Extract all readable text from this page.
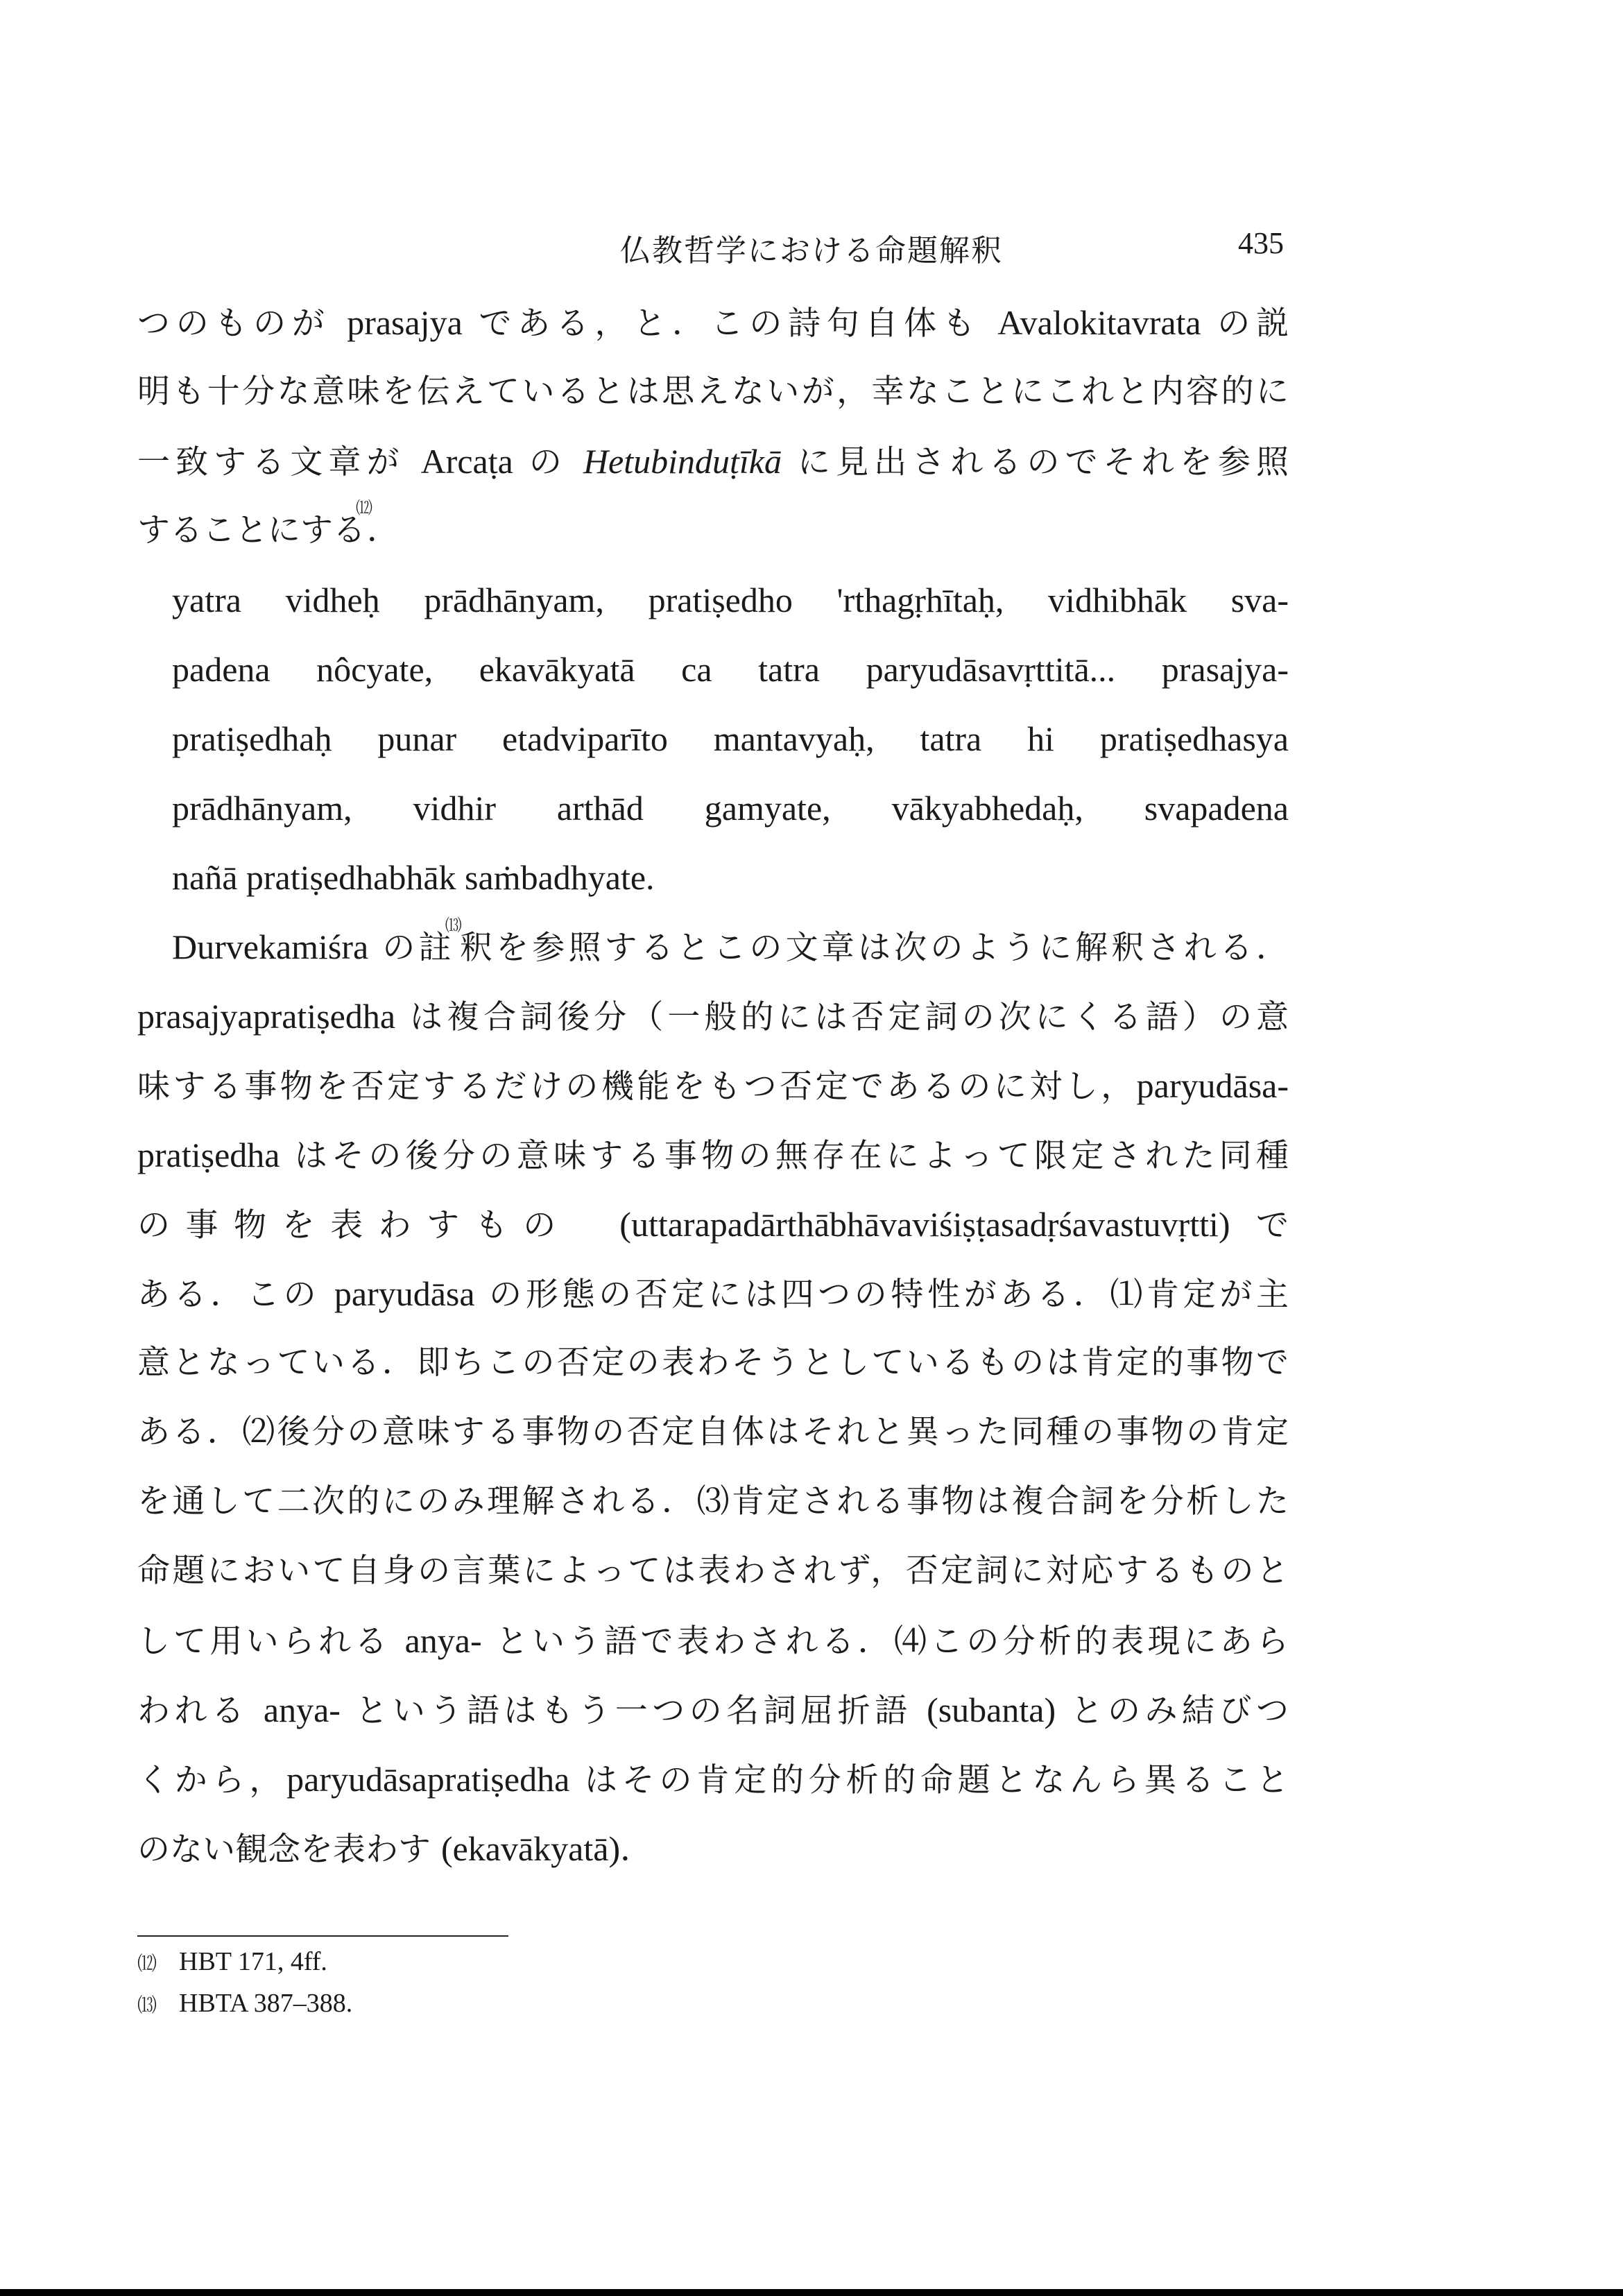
仏教哲学における命題解釈	435
つのものが prasajya である，と．この詩句自体も Avalokitavrata の説
明も十分な意味を伝えているとは思えないが，幸なことにこれと内容的に
一致する文章が Arcaṭa の Hetubinduṭīkā に見出されるのでそれを参照
することにする⑿．
yatra vidheḥ prādhānyam, pratiṣedho 'rthagṛhītaḥ, vidhibhāk sva-
padena nôcyate, ekavākyatā ca tatra paryudāsavṛttitā... prasajya-
pratiṣedhaḥ punar etadviparīto mantavyaḥ, tatra hi pratiṣedhasya
prādhānyam, vidhir arthād gamyate, vākyabhedaḥ, svapadena
nañā pratiṣedhabhāk saṁbadhyate.
Durvekamiśra の註⒀釈を参照するとこの文章は次のように解釈される．
prasajyapratiṣedha は複合詞後分（一般的には否定詞の次にくる語）の意
味する事物を否定するだけの機能をもつ否定であるのに対し，paryudāsa-
pratiṣedha はその後分の意味する事物の無存在によって限定された同種
の事物を表わすもの　(uttarapadārthābhāvaviśiṣṭasadṛśavastuvṛtti) で
ある．この paryudāsa の形態の否定には四つの特性がある．⑴肯定が主
意となっている．即ちこの否定の表わそうとしているものは肯定的事物で
ある．⑵後分の意味する事物の否定自体はそれと異った同種の事物の肯定
を通して二次的にのみ理解される．⑶肯定される事物は複合詞を分析した
命題において自身の言葉によっては表わされず，否定詞に対応するものと
して用いられる anya- という語で表わされる．⑷この分析的表現にあら
われる anya- という語はもう一つの名詞屈折語 (subanta) とのみ結びつ
くから，paryudāsapratiṣedha はその肯定的分析的命題となんら異ること
のない観念を表わす (ekavākyatā)．
⑿ HBT 171, 4ff.
⒀ HBTA 387–388.
